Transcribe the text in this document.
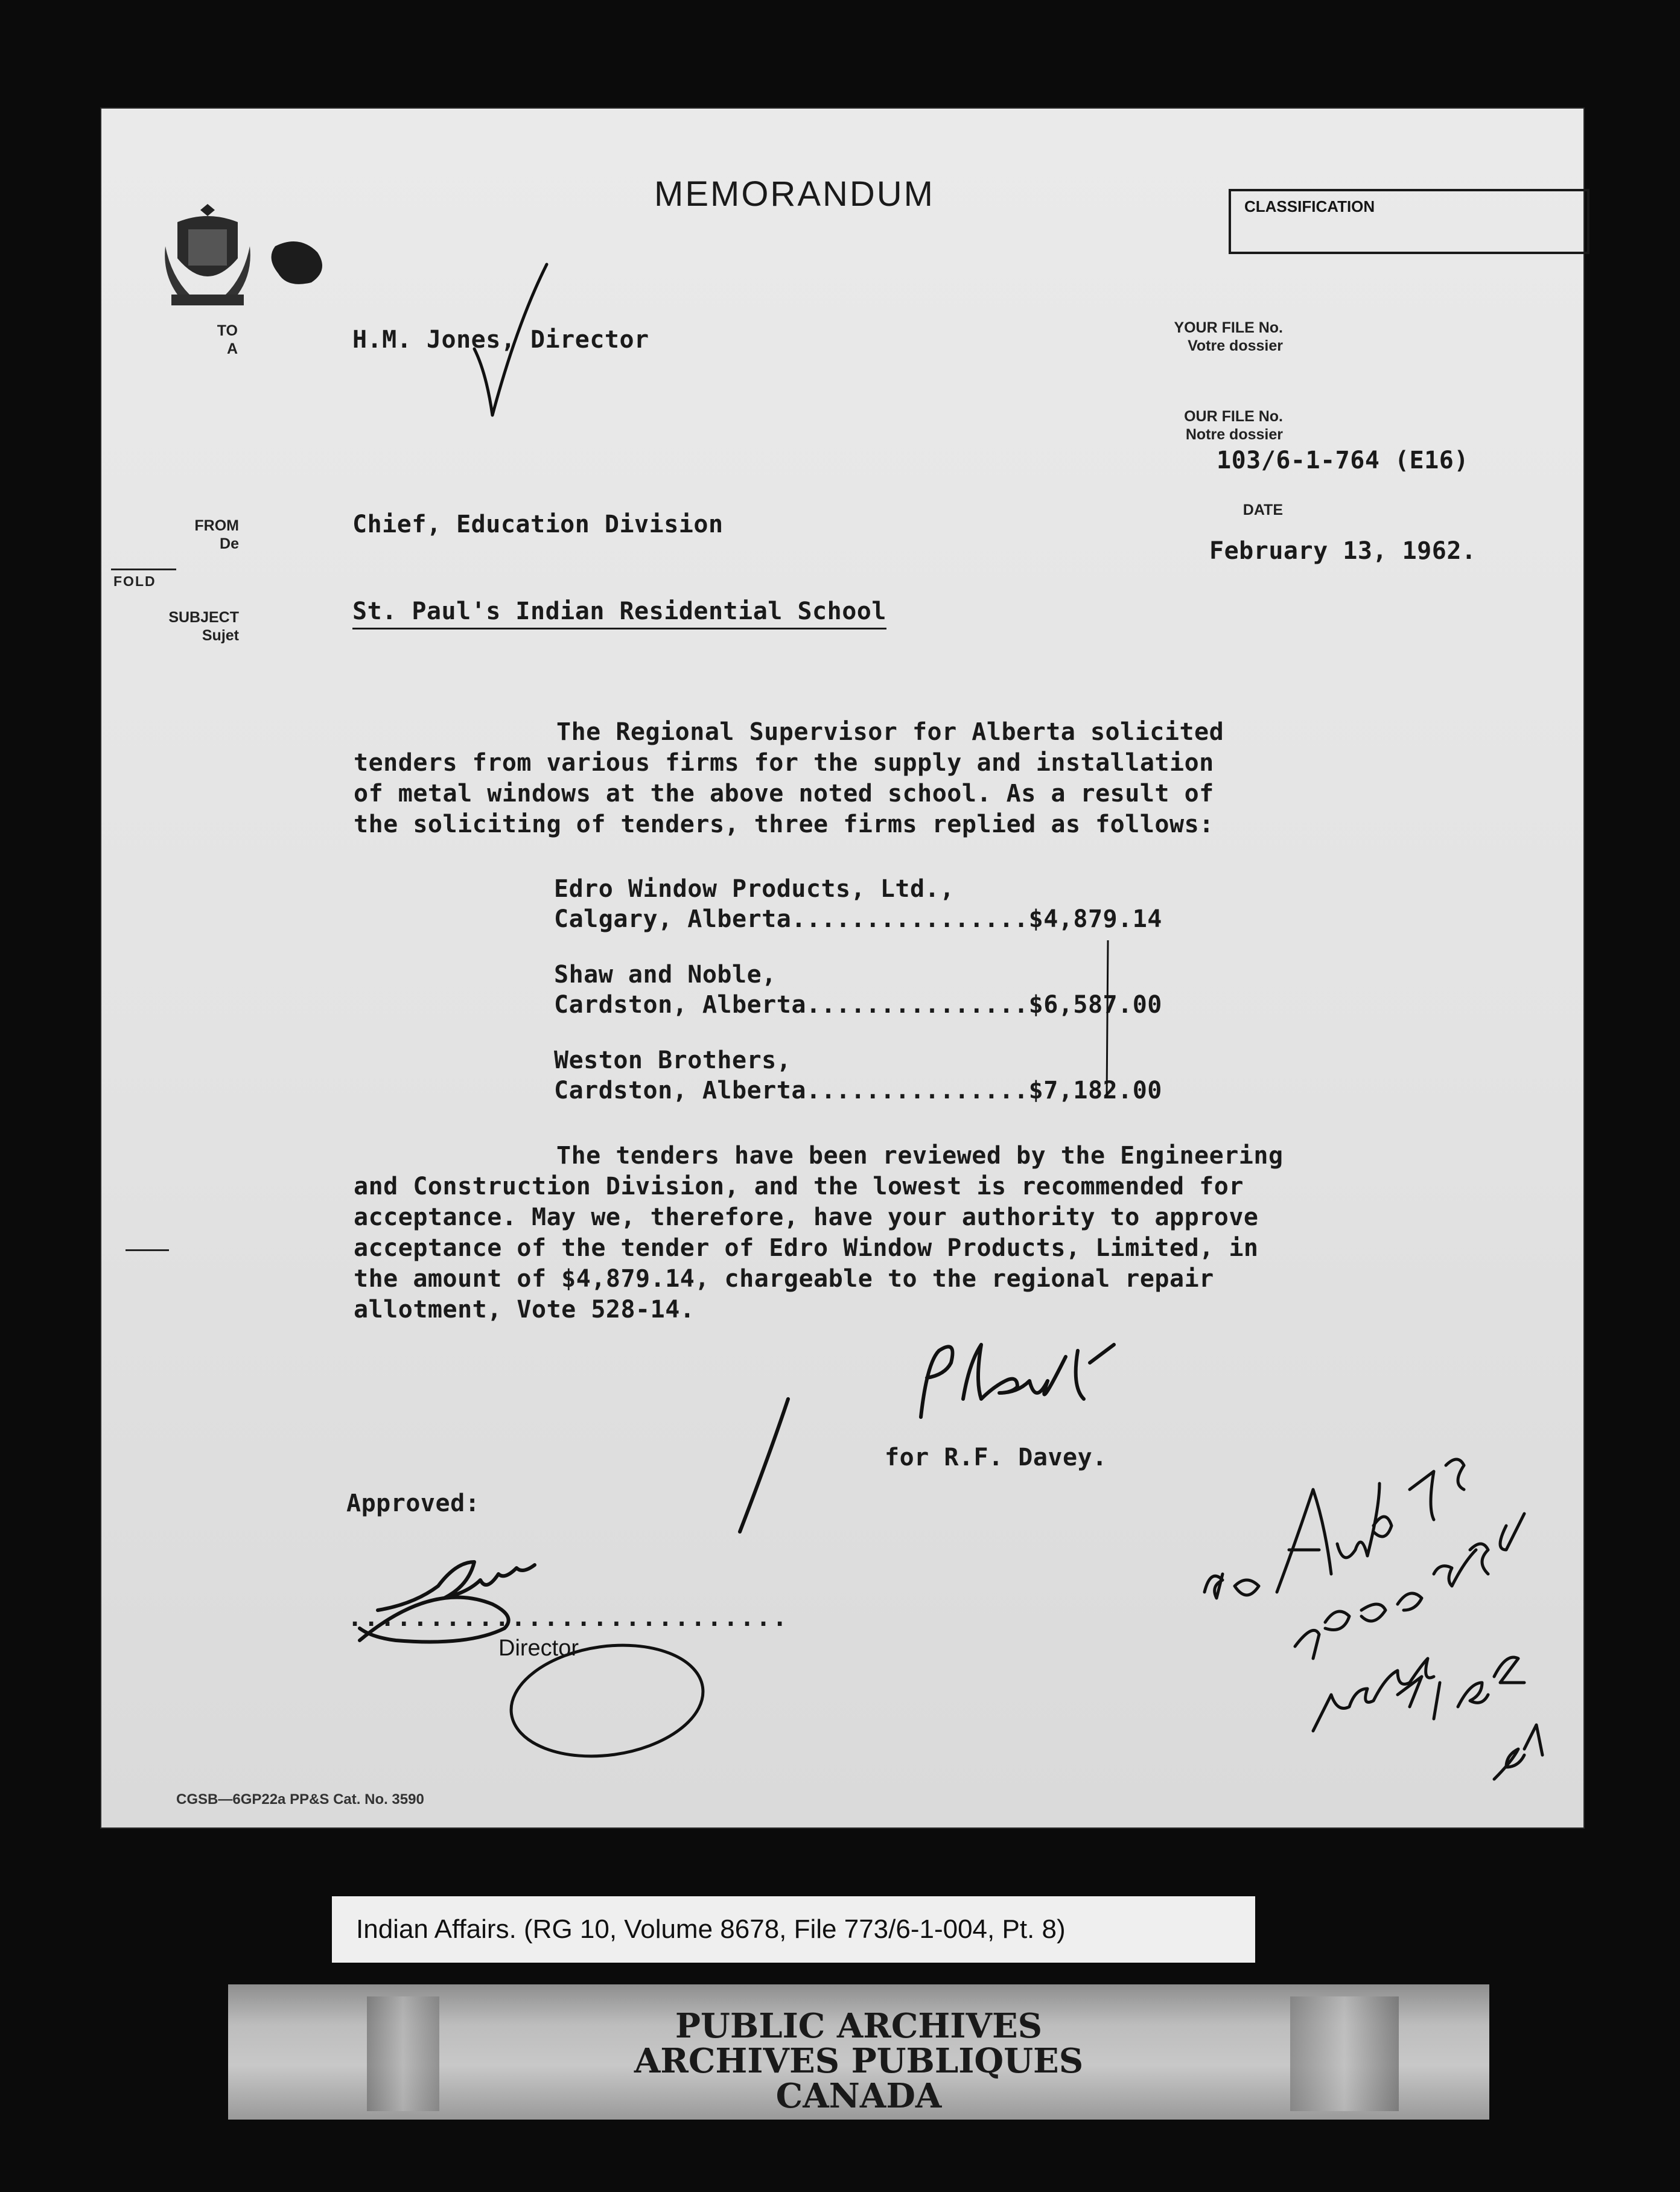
MEMORANDUM	CLASSIFICATION
TO
A
FROM
De
FOLD
SUBJECT
Sujet
YOUR FILE No.
Votre dossier
OUR FILE No.
Notre dossier
103/6-1-764 (E16)
DATE
February 13, 1962.
H.M. Jones, Director
Chief, Education Division
St. Paul's Indian Residential School
The Regional Supervisor for Alberta solicited
tenders from various firms for the supply and installation
of metal windows at the above noted school. As a result of
the soliciting of tenders, three firms replied as follows:
Edro Window Products, Ltd.,
Calgary, Alberta................$4,879.14
Shaw and Noble,
Cardston, Alberta...............$6,587.00
Weston Brothers,
Cardston, Alberta...............$7,182.00
The tenders have been reviewed by the Engineering
and Construction Division, and the lowest is recommended for
acceptance. May we, therefore, have your authority to approve
acceptance of the tender of Edro Window Products, Limited, in
the amount of $4,879.14, chargeable to the regional repair
allotment, Vote 528-14.
for R.F. Davey.
Approved:
...........................
Director
CGSB—6GP22a PP&S Cat. No. 3590
Indian Affairs. (RG 10, Volume 8678, File 773/6-1-004, Pt. 8)
PUBLIC ARCHIVES
ARCHIVES PUBLIQUES
CANADA
